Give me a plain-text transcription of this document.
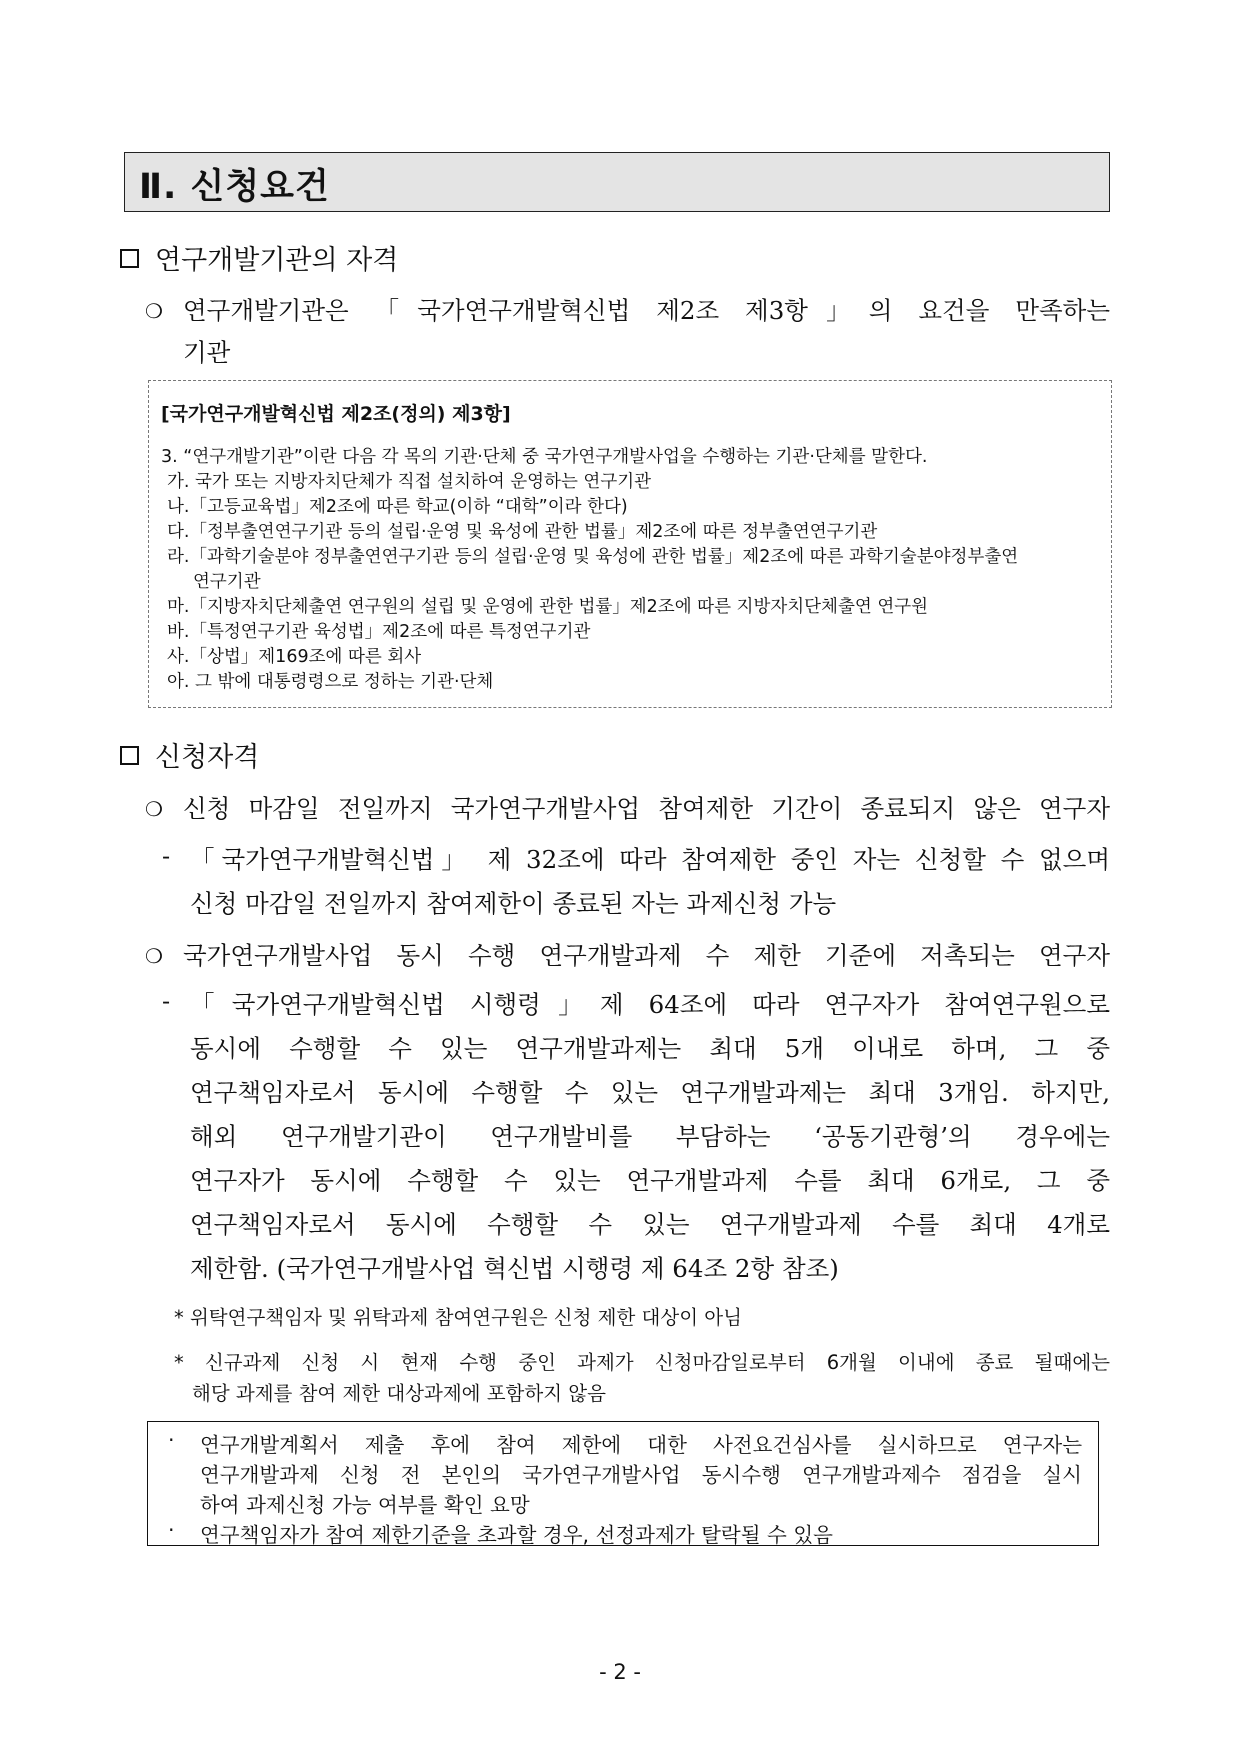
Ⅱ. 신청요건
연구개발기관의 자격
❍ 연구개발기관은 「국가연구개발혁신법 제2조 제3항」의 요건을 만족하는
기관
[국가연구개발혁신법 제2조(정의) 제3항]
3. “연구개발기관”이란 다음 각 목의 기관·단체 중 국가연구개발사업을 수행하는 기관·단체를 말한다.
가. 국가 또는 지방자치단체가 직접 설치하여 운영하는 연구기관
나.「고등교육법」제2조에 따른 학교(이하 “대학”이라 한다)
다.「정부출연연구기관 등의 설립·운영 및 육성에 관한 법률」제2조에 따른 정부출연연구기관
라.「과학기술분야 정부출연연구기관 등의 설립·운영 및 육성에 관한 법률」제2조에 따른 과학기술분야정부출연
연구기관
마.「지방자치단체출연 연구원의 설립 및 운영에 관한 법률」제2조에 따른 지방자치단체출연 연구원
바.「특정연구기관 육성법」제2조에 따른 특정연구기관
사.「상법」제169조에 따른 회사
아. 그 밖에 대통령령으로 정하는 기관·단체
신청자격
❍ 신청 마감일 전일까지 국가연구개발사업 참여제한 기간이 종료되지 않은 연구자
- 「국가연구개발혁신법」 제 32조에 따라 참여제한 중인 자는 신청할 수 없으며
신청 마감일 전일까지 참여제한이 종료된 자는 과제신청 가능
❍ 국가연구개발사업 동시 수행 연구개발과제 수 제한 기준에 저촉되는 연구자
- 「국가연구개발혁신법 시행령」제 64조에 따라 연구자가 참여연구원으로
동시에 수행할 수 있는 연구개발과제는 최대 5개 이내로 하며, 그 중
연구책임자로서 동시에 수행할 수 있는 연구개발과제는 최대 3개임. 하지만,
해외 연구개발기관이 연구개발비를 부담하는 ‘공동기관형’의 경우에는
연구자가 동시에 수행할 수 있는 연구개발과제 수를 최대 6개로, 그 중
연구책임자로서 동시에 수행할 수 있는 연구개발과제 수를 최대 4개로
제한함. (국가연구개발사업 혁신법 시행령 제 64조 2항 참조)
* 위탁연구책임자 및 위탁과제 참여연구원은 신청 제한 대상이 아님
* 신규과제 신청 시 현재 수행 중인 과제가 신청마감일로부터 6개월 이내에 종료 될때에는
해당 과제를 참여 제한 대상과제에 포함하지 않음
· 연구개발계획서 제출 후에 참여 제한에 대한 사전요건심사를 실시하므로 연구자는
연구개발과제 신청 전 본인의 국가연구개발사업 동시수행 연구개발과제수 점검을 실시
하여 과제신청 가능 여부를 확인 요망
· 연구책임자가 참여 제한기준을 초과할 경우, 선정과제가 탈락될 수 있음
- 2 -
